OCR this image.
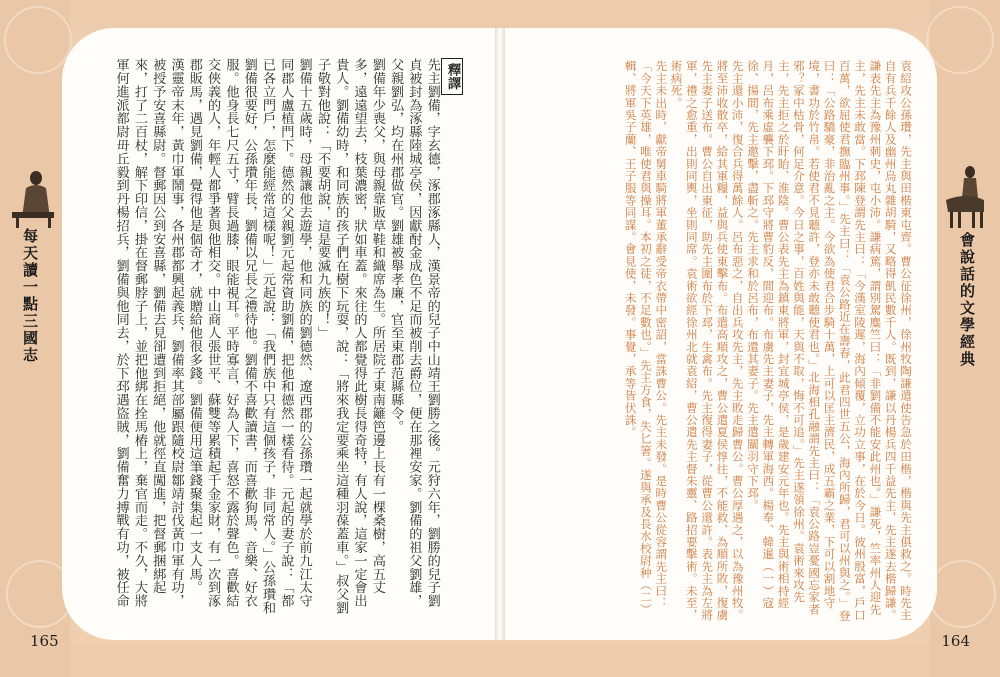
每天讀一點三國志	會說話的文學經典
釋譯

先主劉備，字玄德，涿郡涿縣人，漢景帝的兒子中山靖王劉勝之後。元狩六年，劉勝的兒子劉貞被封為涿縣陸城亭侯，因獻酎金成色不足而被削去爵位，便在那裡安家。劉備的祖父劉雄，父親劉弘，均在州郡做官。劉雄被舉孝廉，官至東郡范縣縣令。

劉備年少喪父，與母親靠販草鞋和織席為生。所居院子東南籬笆邊上長有一棵桑樹，高五丈多，遠遠望去，枝葉濃密，狀如車蓋。來往的人都覺得此樹長得奇特，有人說，這家一定會出貴人。劉備幼時，和同族的孩子們在樹下玩耍，說：「將來我定要乘坐這種羽葆蓋車。」叔父劉子敬對他說：「不要胡說，這是要滅九族的！」

劉備十五歲時，母親讓他去遊學，他和同族的劉德然、遼西郡的公孫瓚一起就學於前九江太守同郡人盧植門下。德然的父親劉元起常資助劉備，把他和德然一樣看待。元起的妻子說：「都已各立門戶，怎麼能經常這樣呢！」元起說：「我們族中只有這個孩子，非同常人。」公孫瓚和劉備很要好，公孫瓚年長，劉備以兄長之禮待他。劉備不喜歡讀書，而喜歡狗馬、音樂、好衣服。他身長七尺五寸，臂長過膝，眼能視耳。平時寡言，好為人下，喜怒不露於聲色。喜歡結交俠義的人，年輕人都爭著與他相交。中山商人張世平、蘇雙等累積起千金家財，有一次到涿郡販馬，遇見劉備，覺得他是個奇才，就贈給他很多錢。劉備便用這筆錢聚集起一支人馬。

漢靈帝末年，黃巾軍鬧事，各州郡都興起義兵，劉備率其部屬跟隨校尉鄒靖討伐黃巾軍有功，被授予安喜縣尉。督郵因公到安喜縣，劉備去見卻遭到拒絕，他就徑直闖進，把督郵捆綁起來，打了二百杖，解下印信，掛在督郵脖子上，並把他綁在拴馬樁上，棄官而走。不久，大將軍何進派都尉毌丘毅到丹楊招兵，劉備與他同去，於下邳遇盜賊，劉備奮力搏戰有功，被任命	袁紹攻公孫瓚，先主與田楷東屯齊。曹公征徐州，徐州牧陶謙遣使告急於田楷，楷與先主俱救之。時先主自有兵千餘人及幽州烏丸雜胡騎，又略得飢民數千人。既到，謙以丹楊兵四千益先主，先主遂去楷歸謙。謙表先主為豫州刺史，屯小沛。謙病篤，謂別駕麋竺曰：「非劉備不能安此州也。」謙死，竺率州人迎先主，先主未敢當。下邳陳登謂先主曰：「今漢室陵遲，海內傾覆，立功立事，在於今日。彼州殷富，戶口百萬，欲屈使君撫臨州事。」先主曰：「袁公路近在壽春，此君四世五公，海內所歸，君可以州與之。」登曰：「公路驕豪，非治亂之主。今欲為使君合步騎十萬，上可以匡主濟民，成五霸之業，下可以割地守境，書功於竹帛。若使君不見聽許，登亦未敢聽使君也。」北海相孔融謂先主曰：「袁公路豈憂國忘家者邪？冢中枯骨，何足介意。今日之事，百姓與能，天與不取，悔不可追。」先主遂領徐州。袁術來攻先主，先主拒之於盱眙、淮陰。曹公表先主為鎮東將軍，封宜城亭侯，是歲建安元年也。先主與術相持經月，呂布乘虛襲下邳。下邳守將曹豹反，間迎布。布虜先主妻子，先主轉軍海西。楊奉、韓暹（一）寇徐、揚間，先主邀擊，盡斬之。先主求和於呂布，布還其妻子。先主遣關羽守下邳。

先主還小沛，復合兵得萬餘人。呂布惡之，自出兵攻先主，先主敗走歸曹公。曹公厚遇之，以為豫州牧。將至沛收散卒，給其軍糧，益與兵使東擊布。布遣高順攻之，曹公遣夏侯惇往，不能救，為順所敗，復虜先主妻子送布。曹公自出東征，助先主圍布於下邳，生禽布。先主復得妻子，從曹公還許。表先主為左將軍，禮之愈重，出則同輿，坐則同席。袁術欲經徐州北就袁紹，曹公遣先主督朱靈、路招要擊術。未至，術病死。

先主未出時，獻帝舅車騎將軍董承辭受帝衣帶中密詔，當誅曹公。先主未發。是時曹公從容謂先主曰：「今天下英雄，唯使君與操耳。本初之徒，不足數也。」先主方食，失匕箸。遂與承及長水校尉种（二）輯、將軍吳子蘭、王子服等同謀。會見使，未發。事覺，承等皆伏誅。

165	164
